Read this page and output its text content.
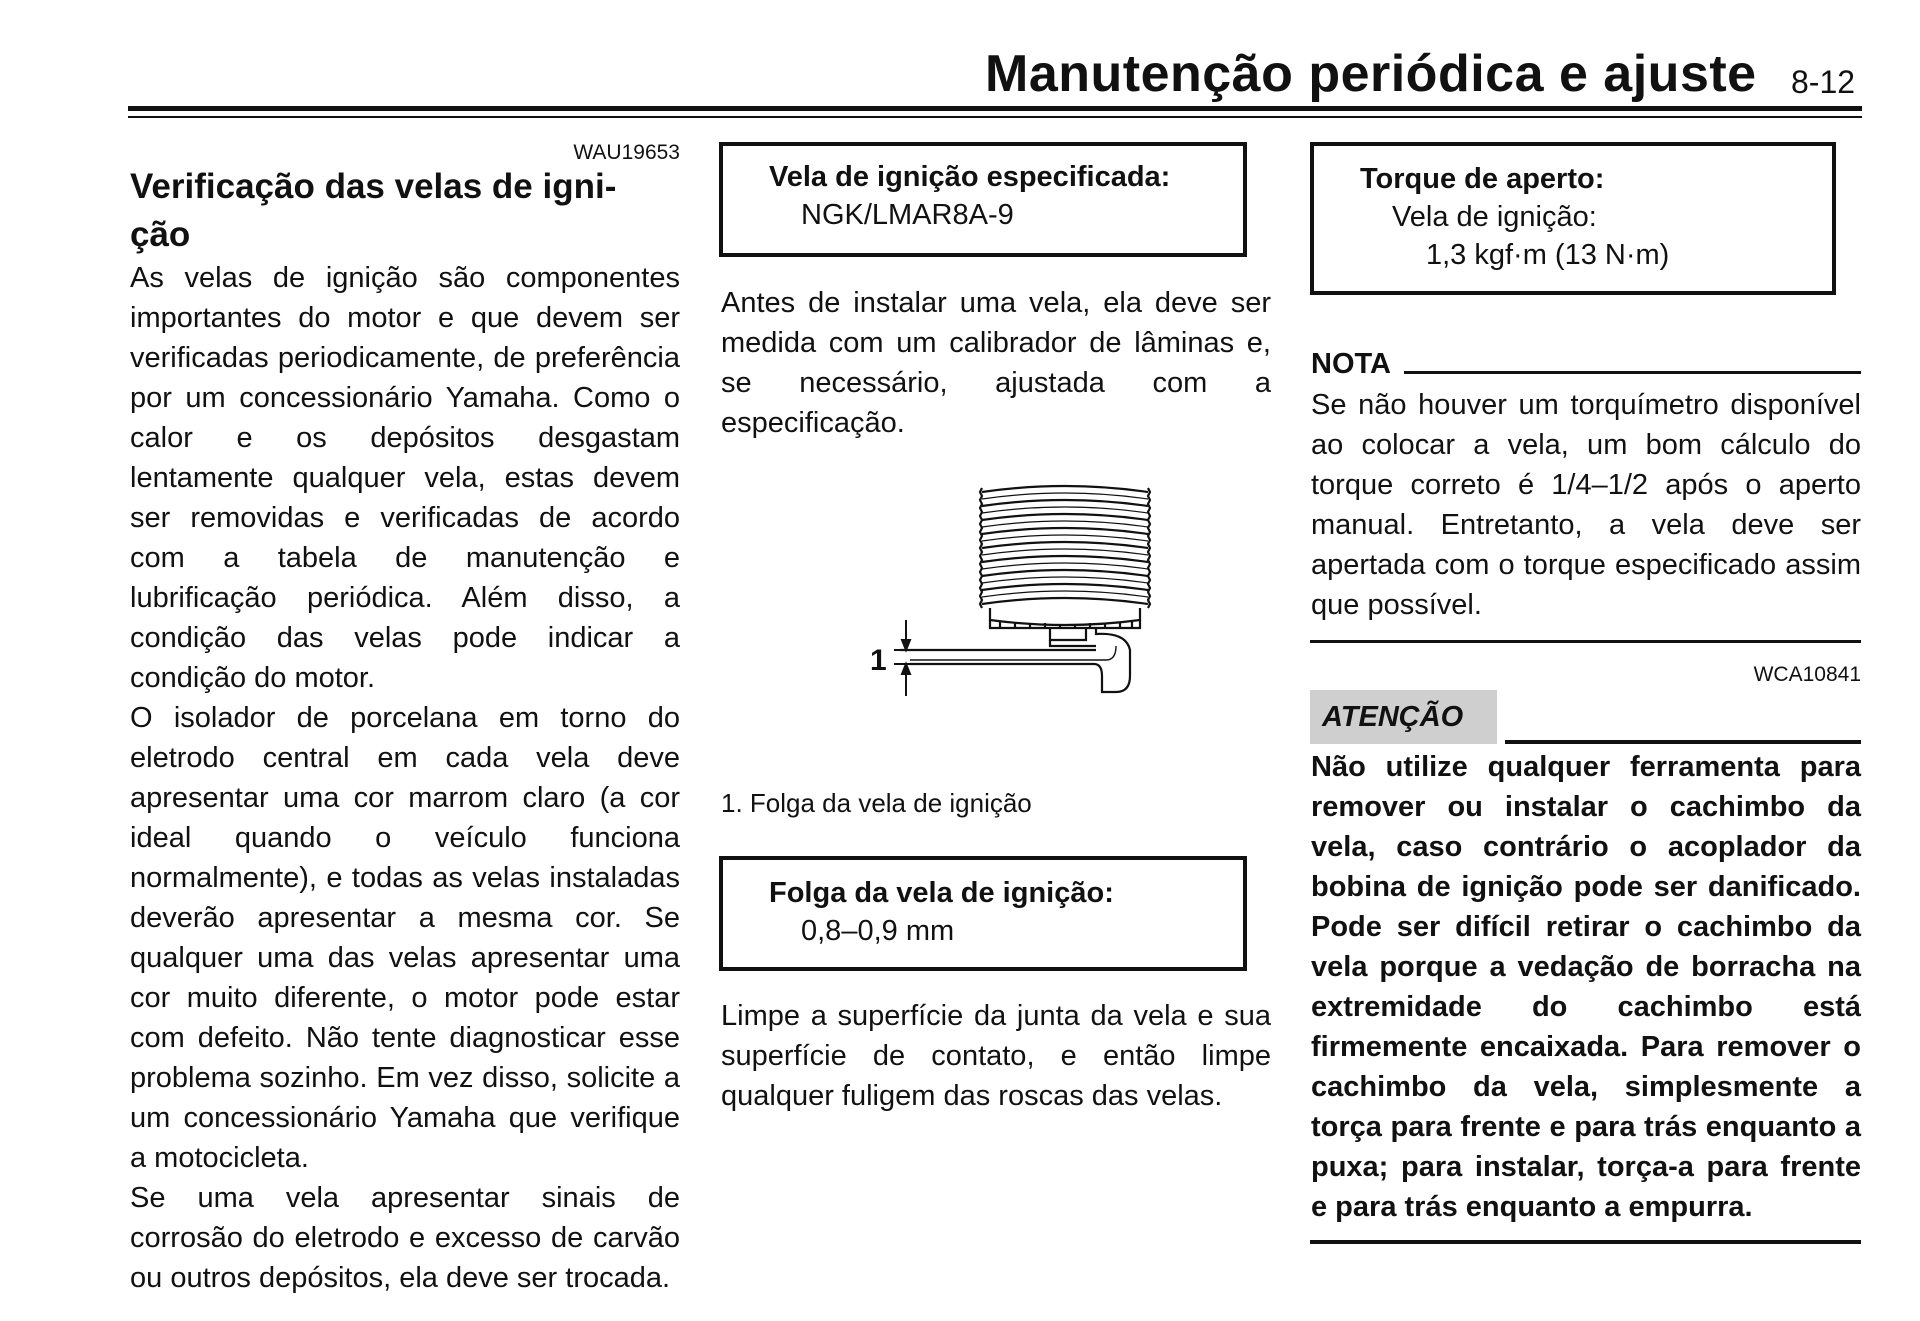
Manutenção periódica e ajuste 8-12
WAU19653
Verificação das velas de igni-ção

As velas de ignição são componentes importantes do motor e que devem ser verificadas periodicamente, de preferência por um concessionário Yamaha. Como o calor e os depósitos desgastam lentamente qualquer vela, estas devem ser removidas e verificadas de acordo com a tabela de manutenção e lubrificação periódica. Além disso, a condição das velas pode indicar a condição do motor.

O isolador de porcelana em torno do eletrodo central em cada vela deve apresentar uma cor marrom claro (a cor ideal quando o veículo funciona normalmente), e todas as velas instaladas deverão apresentar a mesma cor. Se qualquer uma das velas apresentar uma cor muito diferente, o motor pode estar com defeito. Não tente diagnosticar esse problema sozinho. Em vez disso, solicite a um concessionário Yamaha que verifique a motocicleta.

Se uma vela apresentar sinais de corrosão do eletrodo e excesso de carvão ou outros depósitos, ela deve ser trocada.

Vela de ignição especificada:
NGK/LMAR8A-9

Antes de instalar uma vela, ela deve ser medida com um calibrador de lâminas e, se necessário, ajustada com a especificação.

1
1. Folga da vela de ignição
Folga da vela de ignição:
0,8–0,9 mm

Limpe a superfície da junta da vela e sua superfície de contato, e então limpe qualquer fuligem das roscas das velas.

Torque de aperto:
Vela de ignição:
1,3 kgf·m (13 N·m)
NOTA

Se não houver um torquímetro disponível ao colocar a vela, um bom cálculo do torque correto é 1/4–1/2 após o aperto manual. Entretanto, a vela deve ser apertada com o torque especificado assim que possível.

WCA10841
ATENÇÃO

Não utilize qualquer ferramenta para remover ou instalar o cachimbo da vela, caso contrário o acoplador da bobina de ignição pode ser danificado. Pode ser difícil retirar o cachimbo da vela porque a vedação de borracha na extremidade do cachimbo está firmemente encaixada. Para remover o cachimbo da vela, simplesmente a torça para frente e para trás enquanto a puxa; para instalar, torça-a para frente e para trás enquanto a empurra.
